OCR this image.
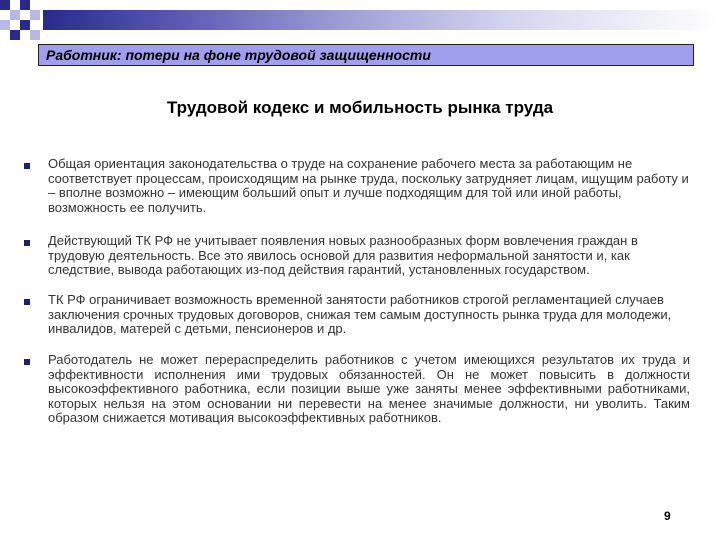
Работник: потери на фоне трудовой защищенности
Трудовой кодекс и мобильность рынка труда

Общая ориентация законодательства о труде на сохранение рабочего места за работающим не соответствует процессам, происходящим на рынке труда, поскольку затрудняет лицам, ищущим работу и – вполне возможно – имеющим больший опыт и лучше подходящим для той или иной работы, возможность ее получить.

Действующий ТК РФ не учитывает появления новых разнообразных форм вовлечения граждан в трудовую деятельность. Все это явилось основой для развития неформальной занятости и, как следствие, вывода работающих из-под действия гарантий, установленных государством.

ТК РФ ограничивает возможность временной занятости работников строгой регламентацией случаев заключения срочных трудовых договоров, снижая тем самым доступность рынка труда для молодежи, инвалидов, матерей с детьми, пенсионеров и др.

Работодатель не может перераспределить работников с учетом имеющихся результатов их труда и эффективности исполнения ими трудовых обязанностей. Он не может повысить в должности высокоэффективного работника, если позиции выше уже заняты менее эффективными работниками, которых нельзя на этом основании ни перевести на менее значимые должности, ни уволить. Таким образом снижается мотивация высокоэффективных работников.

9
